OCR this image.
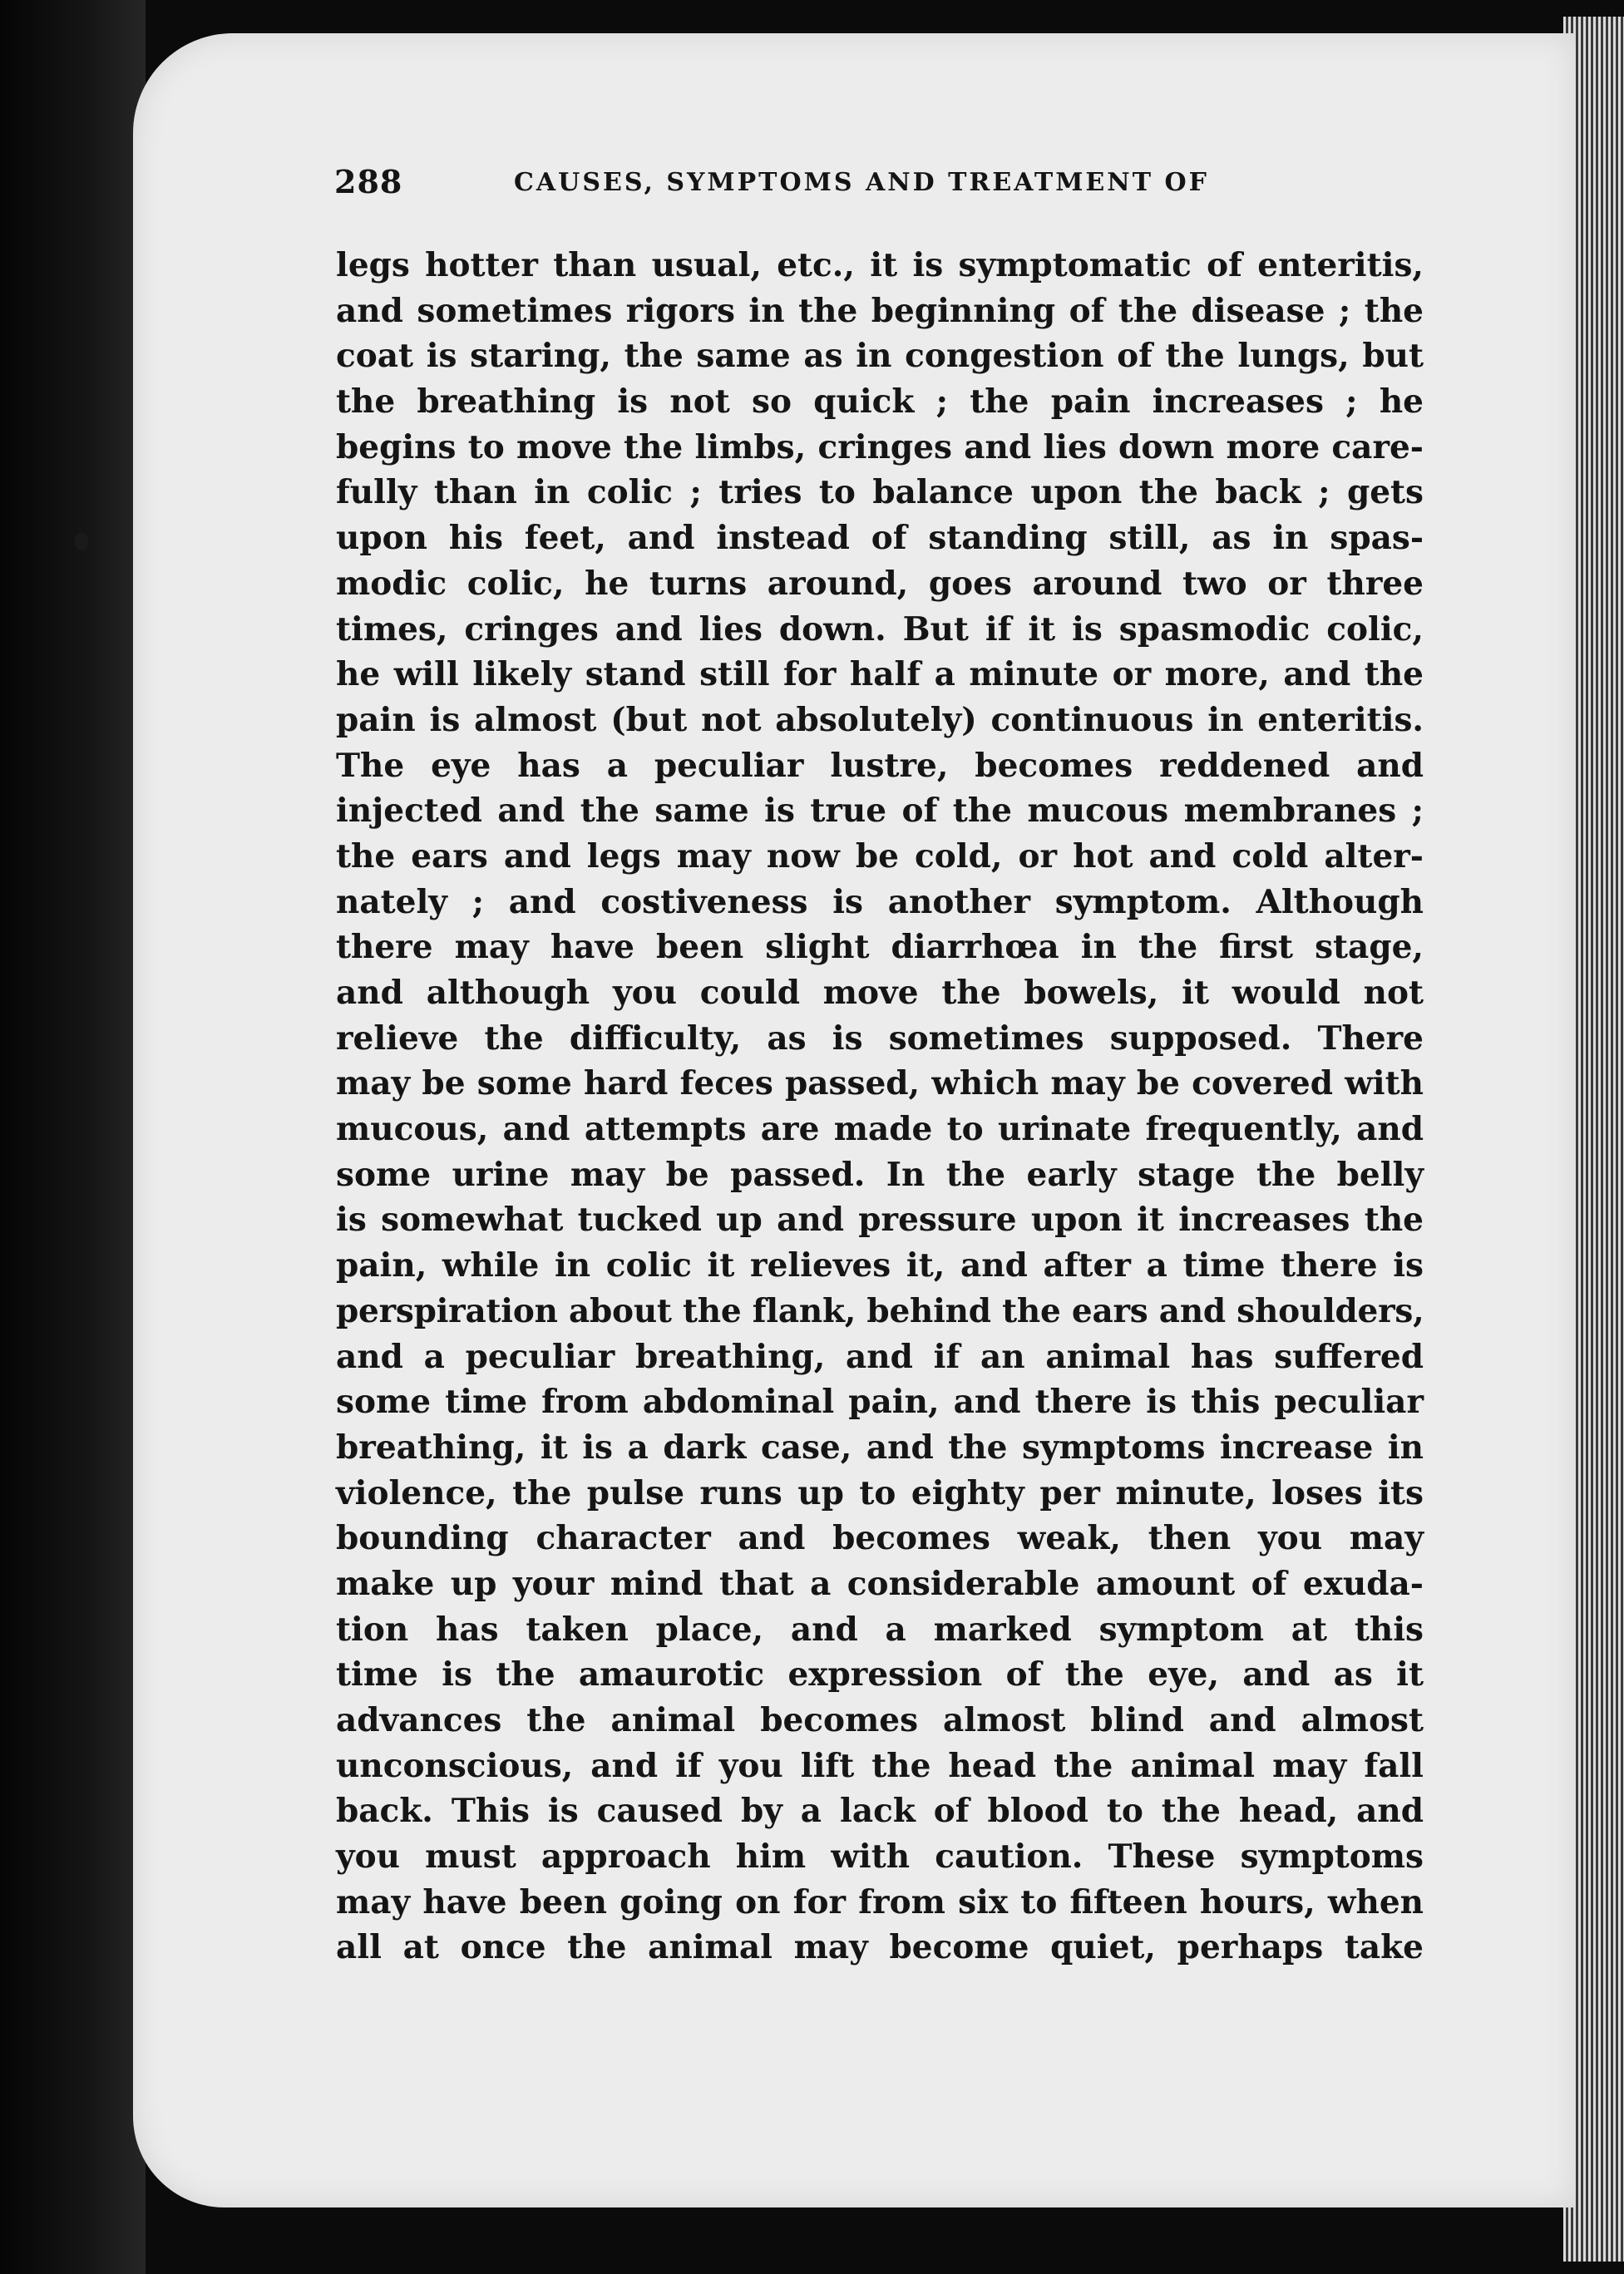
288	CAUSES, SYMPTOMS AND TREATMENT OF
legs hotter than usual, etc., it is symptomatic of enteritis,
and sometimes rigors in the beginning of the disease ; the
coat is staring, the same as in congestion of the lungs, but
the breathing is not so quick ; the pain increases ; he
begins to move the limbs, cringes and lies down more care-
fully than in colic ; tries to balance upon the back ; gets
upon his feet, and instead of standing still, as in spas-
modic colic, he turns around, goes around two or three
times, cringes and lies down. But if it is spasmodic colic,
he will likely stand still for half a minute or more, and the
pain is almost (but not absolutely) continuous in enteritis.
The eye has a peculiar lustre, becomes reddened and
injected and the same is true of the mucous membranes ;
the ears and legs may now be cold, or hot and cold alter-
nately ; and costiveness is another symptom. Although
there may have been slight diarrhœa in the first stage,
and although you could move the bowels, it would not
relieve the difficulty, as is sometimes supposed. There
may be some hard feces passed, which may be covered with
mucous, and attempts are made to urinate frequently, and
some urine may be passed. In the early stage the belly
is somewhat tucked up and pressure upon it increases the
pain, while in colic it relieves it, and after a time there is
perspiration about the flank, behind the ears and shoulders,
and a peculiar breathing, and if an animal has suffered
some time from abdominal pain, and there is this peculiar
breathing, it is a dark case, and the symptoms increase in
violence, the pulse runs up to eighty per minute, loses its
bounding character and becomes weak, then you may
make up your mind that a considerable amount of exuda-
tion has taken place, and a marked symptom at this
time is the amaurotic expression of the eye, and as it
advances the animal becomes almost blind and almost
unconscious, and if you lift the head the animal may fall
back. This is caused by a lack of blood to the head, and
you must approach him with caution. These symptoms
may have been going on for from six to fifteen hours, when
all at once the animal may become quiet, perhaps take
